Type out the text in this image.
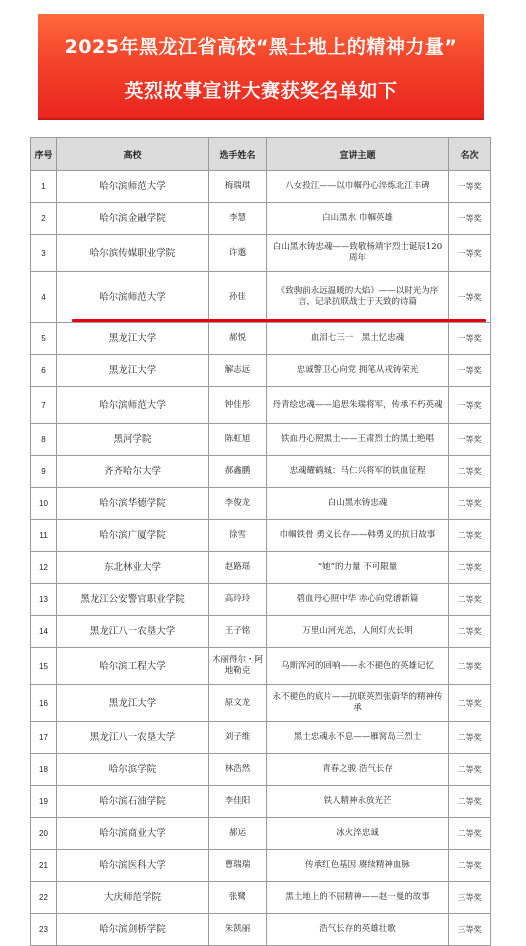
2025年黑龙江省高校“黑土地上的精神力量”
英烈故事宣讲大赛获奖名单如下
序号	高校	选手姓名	宣讲主题	名次
1	哈尔滨师范大学	梅瑞琪	八女投江——以巾帼丹心淬炼北江丰碑	一等奖
2	哈尔滨金融学院	李慧	白山黑水 巾帼英雄	一等奖
3	哈尔滨传媒职业学院	许邈	白山黑水铸忠魂——致敬杨靖宇烈士诞辰120周年	一等奖
4	哈尔滨师范大学	孙佳	《致驹前永远温暖的大焰》——以时光为序言，记录抗联战士于天致的诗篇	一等奖
5	黑龙江大学	郝悦	血泪七三一　黑土忆忠魂	一等奖
6	黑龙江大学	解志远	忠诚警卫心向党 拥笔从戎铸荣光	一等奖
7	哈尔滨师范大学	钟佳彤	丹青绘忠魂——追思朱瑞将军，传承不朽英魂	一等奖
8	黑河学院	陈虹旭	铁血丹心照黑土——王肃烈士的黑土绝唱	一等奖
9	齐齐哈尔大学	郝鑫鹏	忠魂耀鹤城：马仁兴将军的铁血征程	二等奖
10	哈尔滨华德学院	李俊龙	白山黑水铸忠魂	二等奖
11	哈尔滨广厦学院	徐雪	巾帼铁骨 勇义长存——韩勇义的抗日故事	二等奖
12	东北林业大学	赵路瑶	“她”的力量 不可限量	二等奖
13	黑龙江公安警官职业学院	高玲玲	碧血丹心照中华 赤心向党谱新篇	二等奖
14	黑龙江八一农垦大学	王子铭	万里山河光恙，人间灯火长明	二等奖
15	哈尔滨工程大学	木丽得尔・阿地勒克	乌斯浑河的回响——永不褪色的英雄记忆	二等奖
16	黑龙江大学	原文龙	永不褪色的底片——抗联英烈张蔚华的精神传承	二等奖
17	黑龙江八一农垦大学	刘子维	黑土忠魂永不息——雁窝岛三烈士	二等奖
18	哈尔滨学院	林浩然	青春之骏 浩气长存	二等奖
19	哈尔滨石油学院	李佳阳	铁人精神永放光芒	二等奖
20	哈尔滨商业大学	郝运	冰火淬忠诚	二等奖
21	哈尔滨医科大学	曹瑞瑞	传承红色基因 赓续精神血脉	二等奖
22	大庆师范学院	张鹭	黑土地上的不屈精神——赵一曼的故事	三等奖
23	哈尔滨剑桥学院	朱凯丽	浩气长存的英雄壮歌	三等奖
